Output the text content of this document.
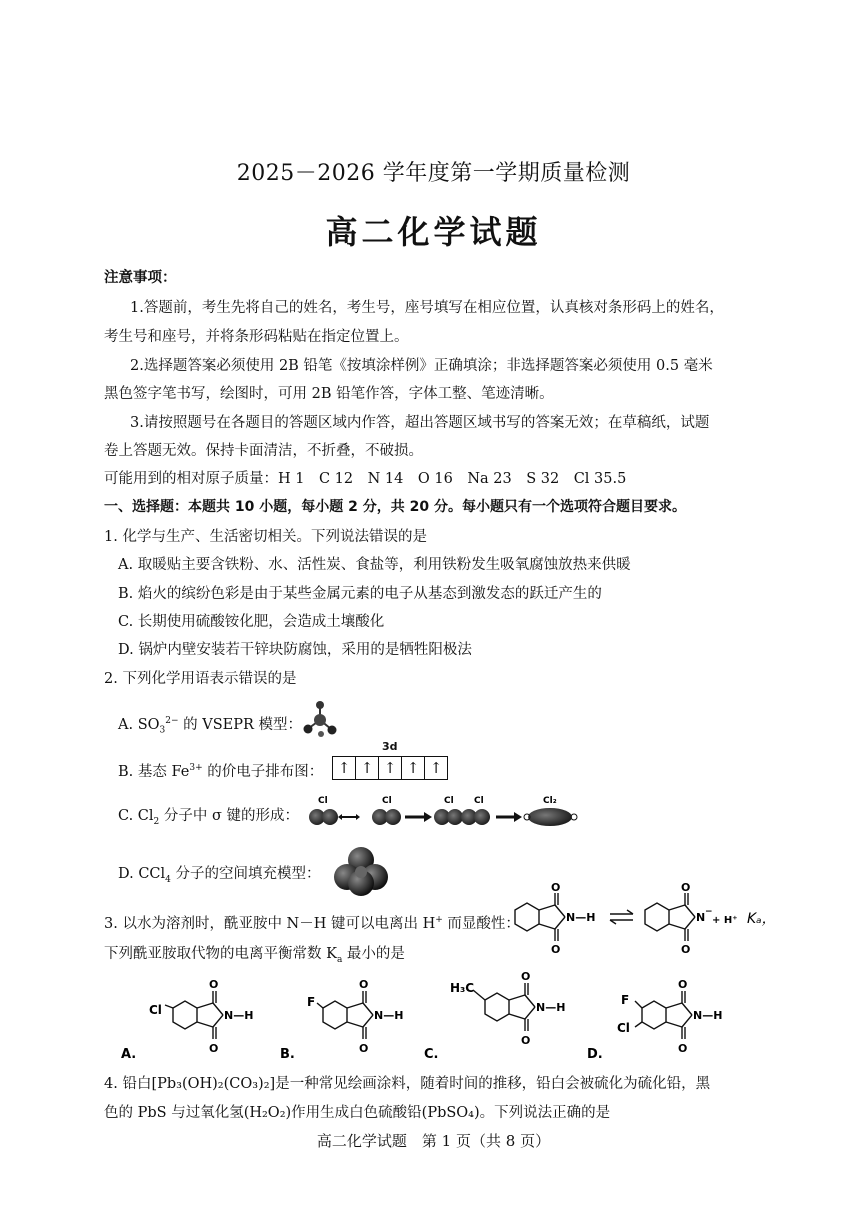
2025－2026 学年度第一学期质量检测
高二化学试题
注意事项：
1.答题前，考生先将自己的姓名，考生号，座号填写在相应位置，认真核对条形码上的姓名，
考生号和座号，并将条形码粘贴在指定位置上。
2.选择题答案必须使用 2B 铅笔《按填涂样例》正确填涂；非选择题答案必须使用 0.5 毫米
黑色签字笔书写，绘图时，可用 2B 铅笔作答，字体工整、笔迹清晰。
3.请按照题号在各题目的答题区域内作答，超出答题区域书写的答案无效；在草稿纸，试题
卷上答题无效。保持卡面清洁，不折叠，不破损。
可能用到的相对原子质量：H 1　C 12　N 14　O 16　Na 23　S 32　Cl 35.5
一、选择题：本题共 10 小题，每小题 2 分，共 20 分。每小题只有一个选项符合题目要求。
1. 化学与生产、生活密切相关。下列说法错误的是
A. 取暖贴主要含铁粉、水、活性炭、食盐等，利用铁粉发生吸氧腐蚀放热来供暖
B. 焰火的缤纷色彩是由于某些金属元素的电子从基态到激发态的跃迁产生的
C. 长期使用硫酸铵化肥，会造成土壤酸化
D. 锅炉内壁安装若干锌块防腐蚀，采用的是牺牲阳极法
2. 下列化学用语表示错误的是
A. $SO_3^{2-}$ 的 VSEPR 模型：
B. 基态 $Fe^{3+}$ 的价电子排布图：
3d
↑ ↑ ↑ ↑ ↑
C. $Cl_2$ 分子中 σ 键的形成：
Cl	Cl	Cl Cl	Cl₂
D. CCl$_4$ 分子的空间填充模型：
3. 以水为溶剂时，酰亚胺中 N－H 键可以电离出 H+ 而显酸性：
下列酰亚胺取代物的电离平衡常数 $K_a$ 最小的是
O
O
N—H
O
O
N −
+ H⁺ Kₐ，
Cl
O
O
N—H
A.
F
O
O
N—H
B.
H₃C
O
O
N—H
C.
F
Cl
O
O
N—H
D.
4. 铅白[Pb₃(OH)₂(CO₃)₂]是一种常见绘画涂料，随着时间的推移，铅白会被硫化为硫化铅，黑
色的 PbS 与过氧化氢(H₂O₂)作用生成白色硫酸铅(PbSO₄)。下列说法正确的是
高二化学试题　第 1 页（共 8 页）
